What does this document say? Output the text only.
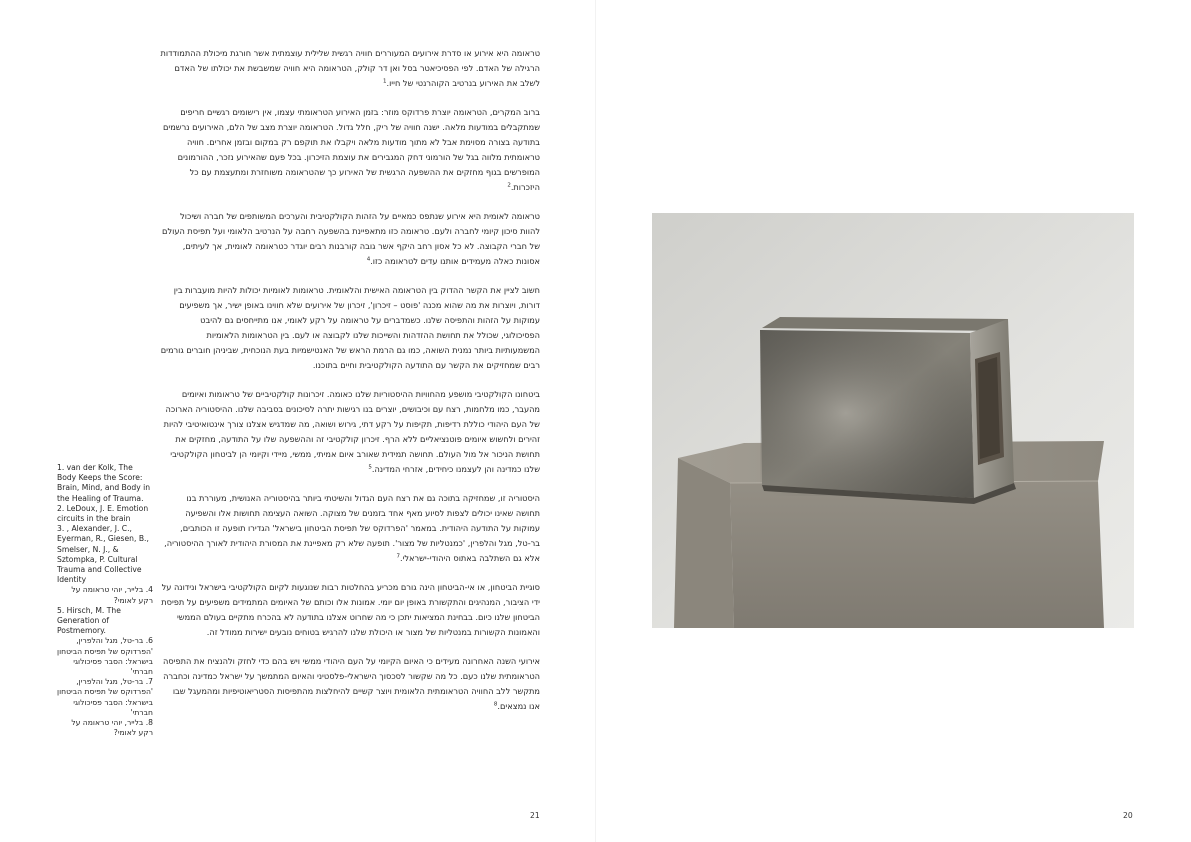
טראומה היא אירוע או סדרת אירועים המעוררים חוויה רגשית שלילית עוצמתית אשר חורגת מיכולת ההתמודדות הרגילה של האדם. לפי הפסיכיאטר בסל ואן דר קולק, הטראומה היא חוויה שמשבשת את יכולתו של האדם לשלב את האירוע בנרטיב הקוהרנטי של חייו.$^1$

ברוב המקרים, הטראומה יוצרת פרדוקס מוזר: בזמן האירוע הטראומתי עצמו, אין רישומים רגשיים חריפים שמתקבלים במודעות מלאה. ישנה חוויה של ריק, חלל גדול. הטראומה יוצרת מצב של הלם, האירועים נרשמים בתודעה בצורה מסוימת אבל לא מתוך מודעות מלאה ויקבלו את תוקפם רק במקום ובזמן אחרים. חוויה טראומתית מלווה בגל של הורמוני דחק המגבירים את עוצמת הזיכרון. בכל פעם שהאירוע נזכר, ההורמונים המופרשים בגוף מחזקים את ההשפעה הרגשית של האירוע כך שהטראומה משוחזרת ומתעצמת עם כל היזכרות.$^2$

טראומה לאומית היא אירוע שנתפס כמאיים על הזהות הקולקטיבית והערכים המשותפים של חברה ושיכול להוות סיכון קיומי לחברה ולעם. טראומה כזו מתאפיינת בהשפעה רחבה על הנרטיב הלאומי ועל תפיסת העולם של חברי הקבוצה. לא כל אסון רחב היקף אשר גובה קורבנות רבים יוגדר כטראומה לאומית, אך לעיתים, אסונות כאלה מעמידים אותנו עדים לטראומה כזו.$^4$

חשוב לציין את הקשר ההדוק בין הטראומה האישית והלאומית. טראומות לאומיות יכולות להיות מועברות בין דורות, ויוצרות את מה שהוא מכנה 'פוסט – זיכרון', זיכרון של אירועים שלא חווינו באופן ישיר, אך משפיעים עמוקות על הזהות והתפיסה שלנו. כשמדברים על טראומה על רקע לאומי, אנו מתייחסים גם להיבט הפסיכולוגי, שכולל את תחושת ההזדהות והשייכות שלנו לקבוצה או לעם. בין הטראומות הלאומיות המשמעותיות ביותר נמנית השואה, כמו גם הרמת הראש של האנטישמיות בעת הנוכחית, שביניהן חוברים גורמים רבים שמחזיקים את הקשר עם התודעה הקולקטיבית וחיים בתוכנו.

ביטחונו הקולקטיבי מושפע מהחוויות ההיסטוריות שלנו כאומה. זיכרונות קולקטיביים של טראומות ואיומים מהעבר, כמו מלחמות, רצח עם וכיבושים, יוצרים בנו רגישות יתרה לסיכונים בסביבה שלנו. ההיסטוריה הארוכה של העם היהודי כוללת רדיפות, תקיפות על רקע דתי, גירוש ושואה, מה שמדגיש אצלנו צורך אינטואיטיבי להיות זהירים ולחשוש איומים פוטנציאליים ללא הרף. זיכרון קולקטיבי זה וההשפעה שלו על התודעה, מחזקים את תחושת הניכור אל מול העולם. תחושה תמידית שאורב איום אמיתי, ממשי, מיידי וקיומי הן לביטחון הקולקטיבי שלנו כמדינה והן לעצמנו כיחידים, אזרחי המדינה.$^5$

היסטוריה זו, שמחזיקה בתוכה גם את רצח העם הגדול והשיטתי ביותר בהיסטוריה האנושית, מעוררת בנו תחושה שאינו יכולים לצפות לסיוע מאף אחד בזמנים של מצוקה. השואה העצימה תחושות אלו והשפיעה עמוקות על התודעה היהודית. במאמר 'הפרדוקס של תפיסת הביטחון בישראל' הגדירו תופעה זו הכותבים, בר-טל, מגל והלפרין, 'כמנטליות של מצור'. תופעה שלא רק מאפיינת את המסורת היהודית לאורך ההיסטוריה, אלא גם השתלבה באתוס היהודי-ישראלי.$^7$

סוגיית הביטחון, או אי-הביטחון הינה גורם מכריע בהחלטות רבות שנוגעות לקיום הקולקטיבי בישראל ונידונה על ידי הציבור, המנהיגים והתקשורת באופן יום יומי. אמונות אלו וכותם של האיומים המתמידים משפיעים על תפיסת הביטחון שלנו כיום. בבחינת המציאות יתכן כי מה שחרוט אצלנו בתודעה לא בהכרח מתקיים בעולם הממשי והאמונות הקשורות במנטליות של מצור או היכולת שלנו להרגיש בטוחים נובעים ישירות ממודל זה.

אירועי השנה האחרונה מעידים כי האיום הקיומי על העם היהודי ממשי ויש בהם כדי לחזק ולהנציח את התפיסה הטראומתית שלנו כעם. כל מה שקשור לסכסוך הישראלי-פלסטיני והאיום המתמשך על ישראל כמדינה וכחברה מתקשר ללב החוויה הטראומתית הלאומית ויוצר קשיים להיחלצות מהתפיסות הסטריאוטיפיות ומהמעגל שבו אנו נמצאים.$^8$

1. van der Kolk, The Body Keeps the Score: Brain, Mind, and Body in the Healing of Trauma.

2. LeDoux, J. E. Emotion circuits in the brain

3. , Alexander, J. C., Eyerman, R., Giesen, B., Smelser, N. J., & Sztompka, P. Cultural Trauma and Collective Identity

4. בלייר, יוהי טראומה על רקע לאומי?

5. Hirsch, M. The Generation of Postmemory.

6. בר-טל, מגל והלפרין, 'הפרדוקס של תפיסת הביטחון בישראל: הסבר פסיכולוגי חברתי'

7. בר-טל, מגל והלפרין, 'הפרדוקס של תפיסת הביטחון בישראל: הסבר פסיכולוגי חברתי'

8. בלייר, יוהי טראומה על רקע לאומי?

21	20
